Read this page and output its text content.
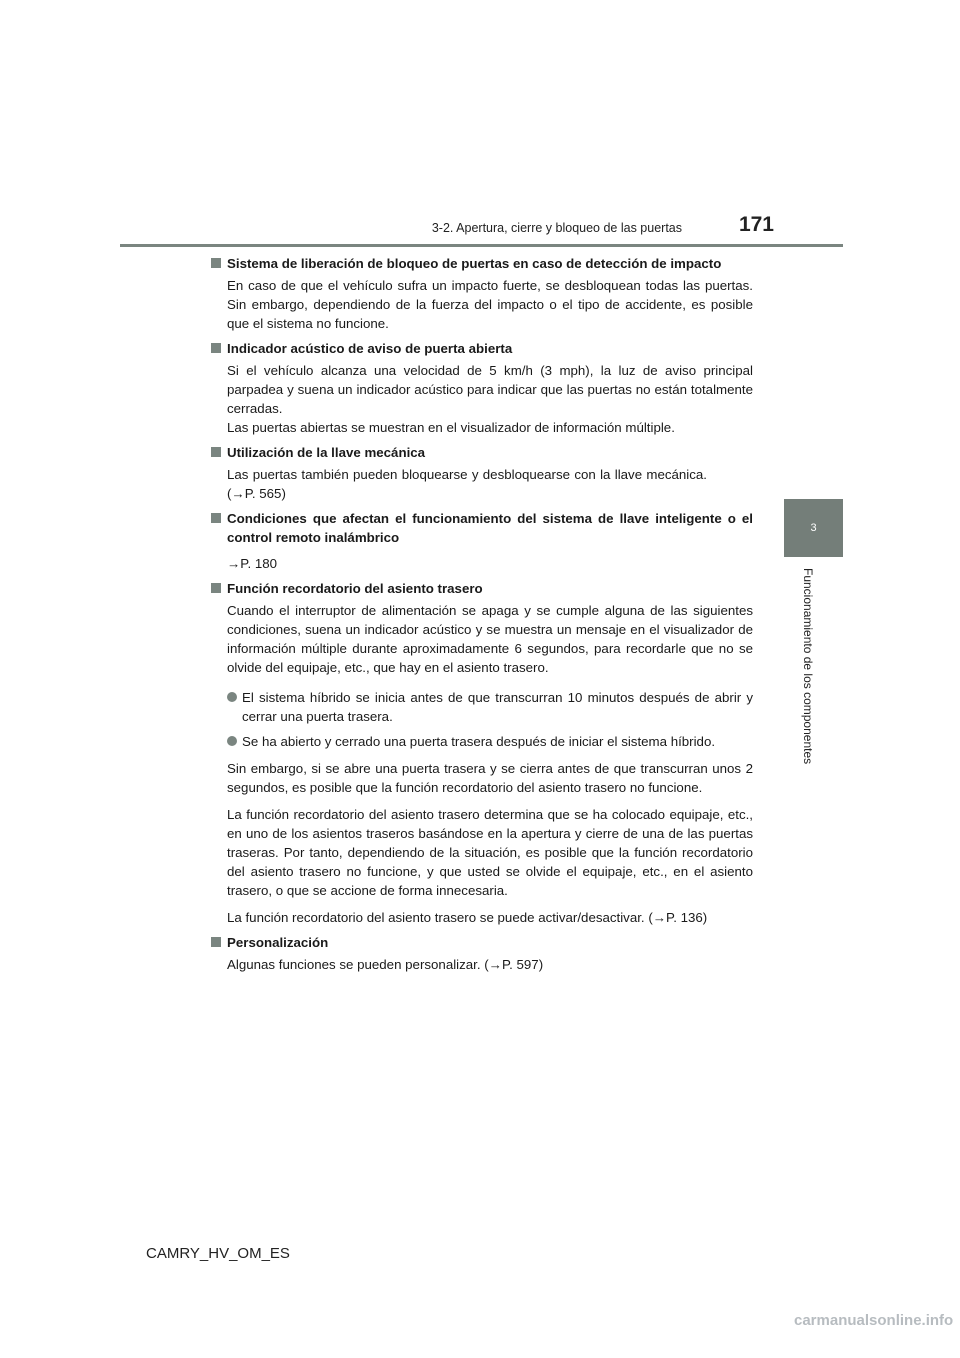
3-2. Apertura, cierre y bloqueo de las puertas	171
3
Funcionamiento de los componentes

Sistema de liberación de bloqueo de puertas en caso de detección de impacto

En caso de que el vehículo sufra un impacto fuerte, se desbloquean todas las puertas. Sin embargo, dependiendo de la fuerza del impacto o el tipo de accidente, es posible que el sistema no funcione.

Indicador acústico de aviso de puerta abierta

Si el vehículo alcanza una velocidad de 5 km/h (3 mph), la luz de aviso principal parpadea y suena un indicador acústico para indicar que las puertas no están totalmente cerradas.

Las puertas abiertas se muestran en el visualizador de información múltiple.

Utilización de la llave mecánica

Las puertas también pueden bloquearse y desbloquearse con la llave mecánica. (→P. 565)

Condiciones que afectan el funcionamiento del sistema de llave inteligente o el control remoto inalámbrico

→P. 180

Función recordatorio del asiento trasero

Cuando el interruptor de alimentación se apaga y se cumple alguna de las siguientes condiciones, suena un indicador acústico y se muestra un mensaje en el visualizador de información múltiple durante aproximadamente 6 segundos, para recordarle que no se olvide del equipaje, etc., que hay en el asiento trasero.

El sistema híbrido se inicia antes de que transcurran 10 minutos después de abrir y cerrar una puerta trasera.

Se ha abierto y cerrado una puerta trasera después de iniciar el sistema híbrido.

Sin embargo, si se abre una puerta trasera y se cierra antes de que transcurran unos 2 segundos, es posible que la función recordatorio del asiento trasero no funcione.

La función recordatorio del asiento trasero determina que se ha colocado equipaje, etc., en uno de los asientos traseros basándose en la apertura y cierre de una de las puertas traseras. Por tanto, dependiendo de la situación, es posible que la función recordatorio del asiento trasero no funcione, y que usted se olvide el equipaje, etc., en el asiento trasero, o que se accione de forma innecesaria.

La función recordatorio del asiento trasero se puede activar/desactivar. (→P. 136)

Personalización

Algunas funciones se pueden personalizar. (→P. 597)

CAMRY_HV_OM_ES
carmanualsonline.info
